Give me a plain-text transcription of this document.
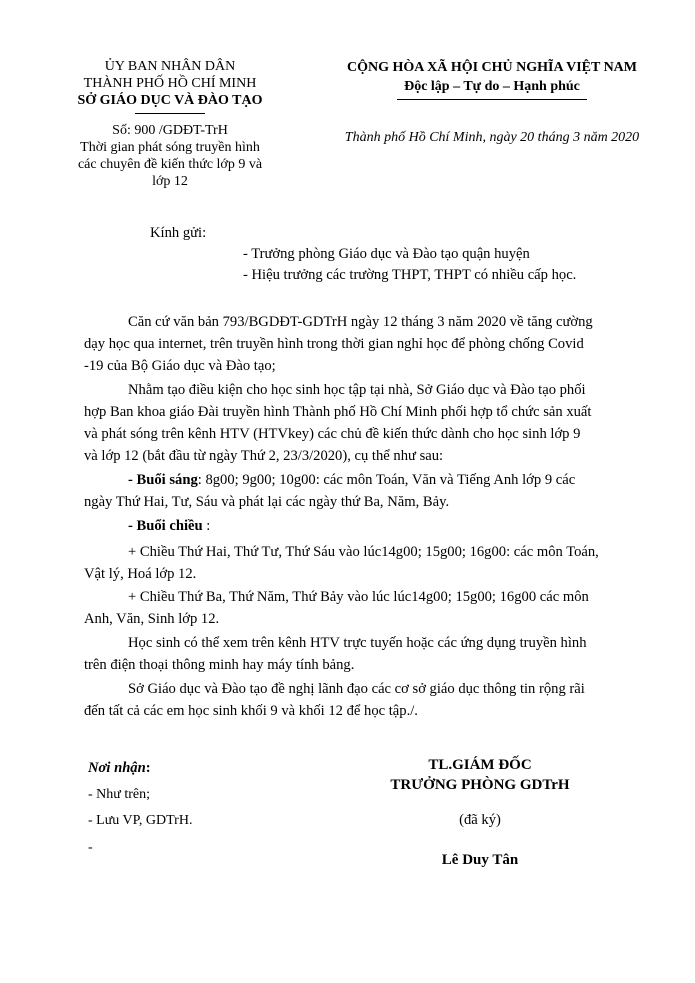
ỦY BAN NHÂN DÂN
THÀNH PHỐ HỒ CHÍ MINH
SỞ GIÁO DỤC VÀ ĐÀO TẠO
Số: 900 /GDĐT-TrH
Thời gian phát sóng truyền hình
các chuyên đề kiến thức lớp 9 và
lớp 12
CỘNG HÒA XÃ HỘI CHỦ NGHĨA VIỆT NAM
Độc lập – Tự do – Hạnh phúc
Thành phố Hồ Chí Minh, ngày 20 tháng 3 năm 2020
Kính gửi:
- Trưởng phòng Giáo dục và Đào tạo quận huyện
- Hiệu trưởng các trường THPT, THPT có nhiều cấp học.
Căn cứ văn bản 793/BGDĐT-GDTrH ngày 12 tháng 3 năm 2020 về tăng cường
dạy học qua internet, trên truyền hình trong thời gian nghỉ học để phòng chống Covid
-19 của Bộ Giáo dục và Đào tạo;
Nhằm tạo điều kiện cho học sinh học tập tại nhà, Sở Giáo dục và Đào tạo phối
hợp Ban khoa giáo Đài truyền hình Thành phố Hồ Chí Minh phối hợp tổ chức sản xuất
và phát sóng trên kênh HTV (HTVkey) các chủ đề kiến thức dành cho học sinh lớp 9
và lớp 12 (bắt đầu từ ngày Thứ 2, 23/3/2020), cụ thể như sau:
- Buổi sáng: 8g00; 9g00; 10g00: các môn Toán, Văn và Tiếng Anh lớp 9 các
ngày Thứ Hai, Tư, Sáu và phát lại các ngày thứ Ba, Năm, Bảy.
- Buổi chiều :
+ Chiều Thứ Hai, Thứ Tư, Thứ Sáu vào lúc14g00; 15g00; 16g00: các môn Toán,
Vật lý, Hoá lớp 12.
+ Chiều Thứ Ba, Thứ Năm, Thứ Bảy vào lúc lúc14g00; 15g00; 16g00 các môn
Anh, Văn, Sinh lớp 12.
Học sinh có thể xem trên kênh HTV trực tuyến hoặc các ứng dụng truyền hình
trên điện thoại thông minh hay máy tính bảng.
Sở Giáo dục và Đào tạo đề nghị lãnh đạo các cơ sở giáo dục thông tin rộng rãi
đến tất cả các em học sinh khối 9 và khối 12 để học tập./.
Nơi nhận:
- Như trên;
- Lưu VP, GDTrH.
-
TL.GIÁM ĐỐC
TRƯỞNG PHÒNG GDTrH
(đã ký)
Lê Duy Tân
